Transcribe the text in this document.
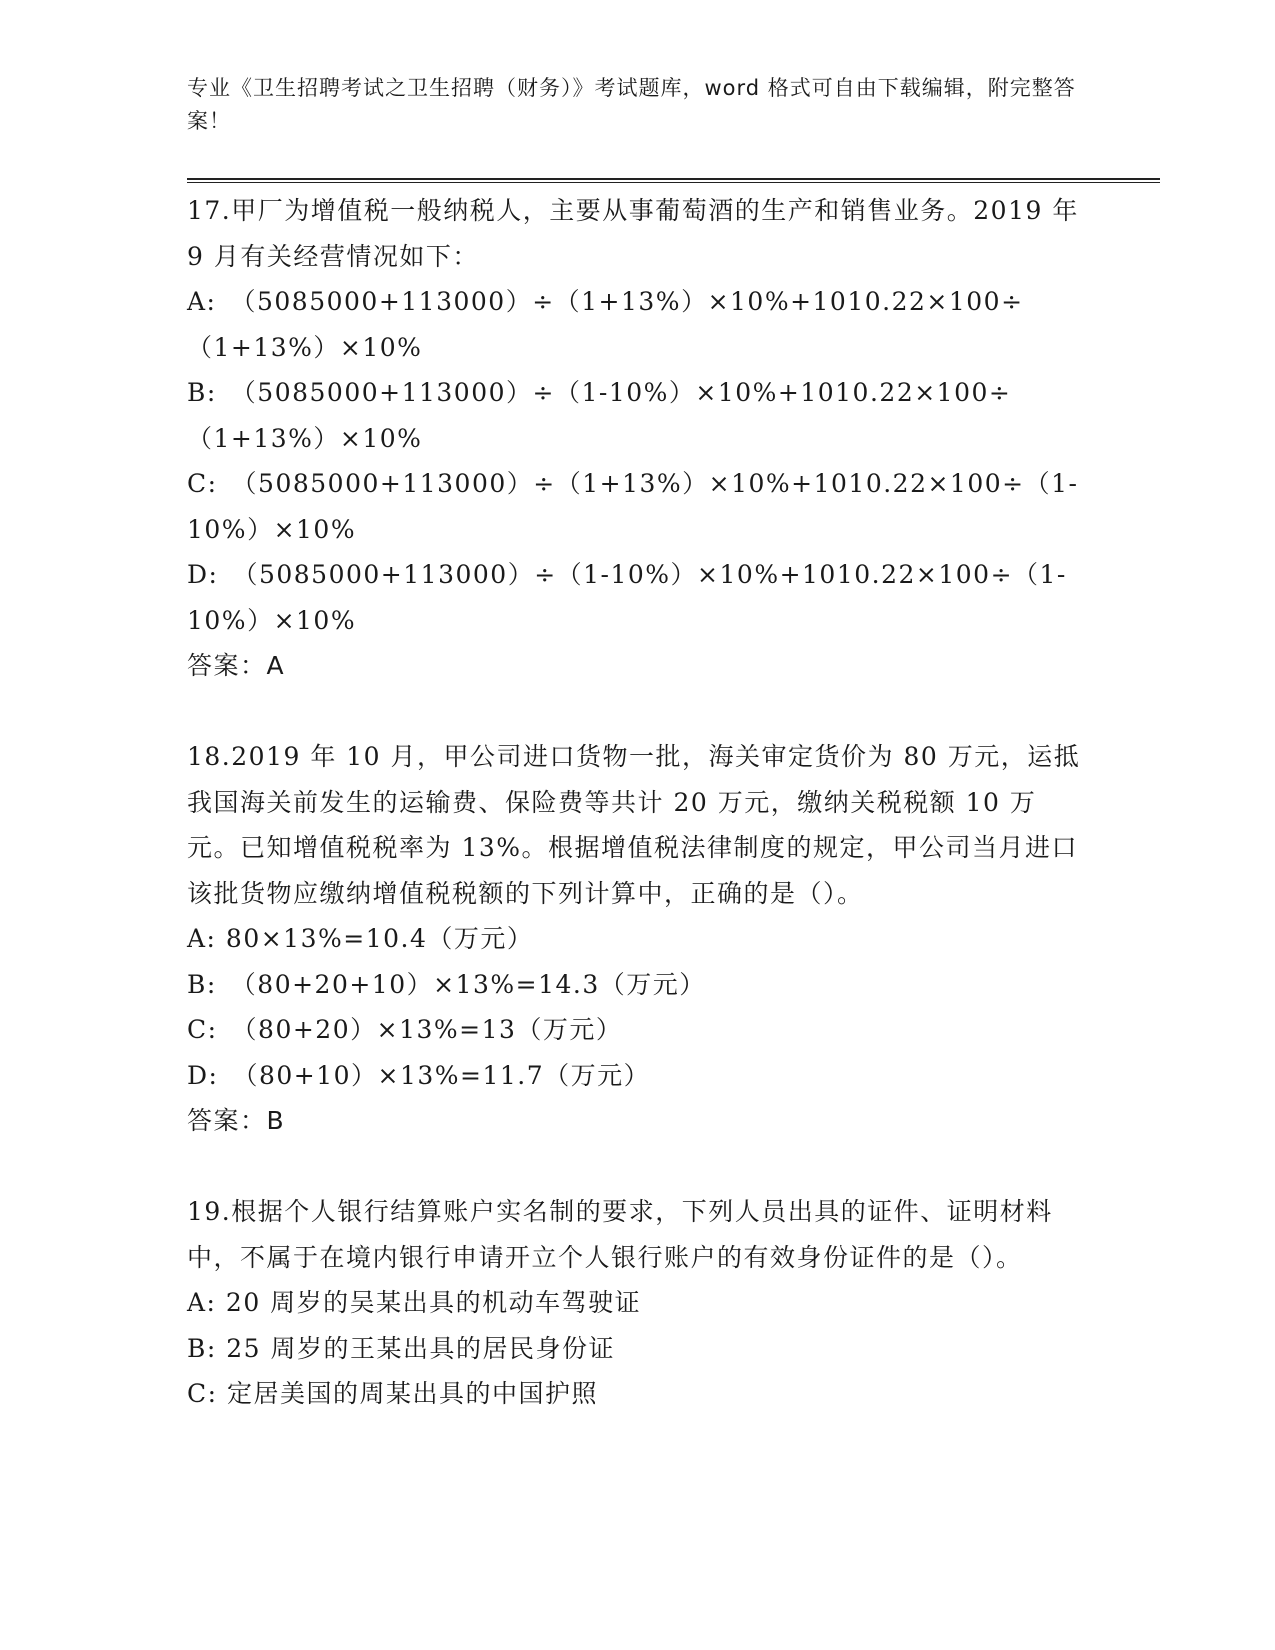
专业《卫生招聘考试之卫生招聘（财务）》考试题库，word 格式可自由下载编辑，附完整答案！

17.甲厂为增值税一般纳税人，主要从事葡萄酒的生产和销售业务。2019 年 9 月有关经营情况如下：

A:　（5085000+113000）÷（1+13%）×10%+1010.22×100÷（1+13%）×10%

B:　（5085000+113000）÷（1-10%）×10%+1010.22×100÷（1+13%）×10%

C:　（5085000+113000）÷（1+13%）×10%+1010.22×100÷（1-10%）×10%

D:　（5085000+113000）÷（1-10%）×10%+1010.22×100÷（1-10%）×10%

答案：A

18.2019 年 10 月，甲公司进口货物一批，海关审定货价为 80 万元，运抵我国海关前发生的运输费、保险费等共计 20 万元，缴纳关税税额 10 万元。已知增值税税率为 13%。根据增值税法律制度的规定，甲公司当月进口该批货物应缴纳增值税税额的下列计算中，正确的是（）。

A: 80×13%=10.4（万元）

B:　（80+20+10）×13%=14.3（万元）

C:　（80+20）×13%=13（万元）

D:　（80+10）×13%=11.7（万元）

答案：B

19.根据个人银行结算账户实名制的要求，下列人员出具的证件、证明材料中，不属于在境内银行申请开立个人银行账户的有效身份证件的是（）。

A: 20 周岁的吴某出具的机动车驾驶证

B: 25 周岁的王某出具的居民身份证

C: 定居美国的周某出具的中国护照
